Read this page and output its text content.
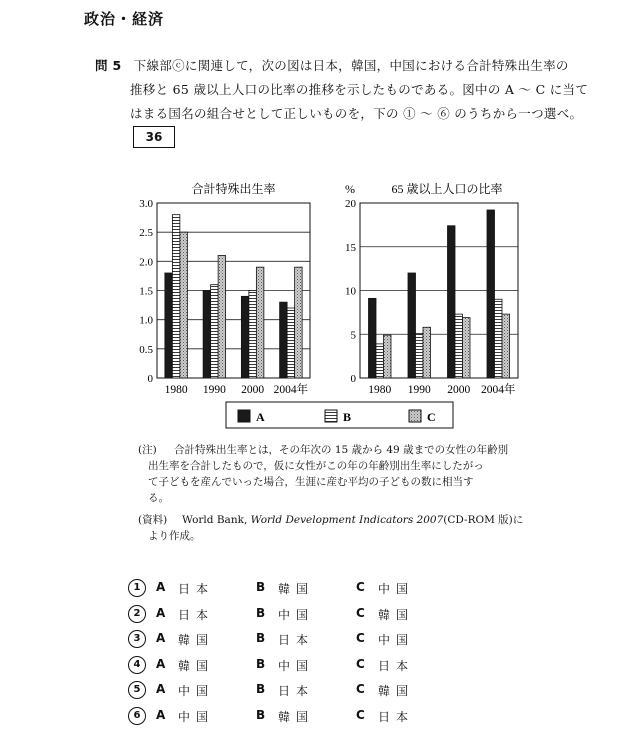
政治・経済
問 5 下線部ⓒに関連して，次の図は日本，韓国，中国における合計特殊出生率の
推移と 65 歳以上人口の比率の推移を示したものである。図中の A ～ C に当て
はまる国名の組合せとして正しいものを，下の ① ～ ⑥ のうちから一つ選べ。
36
0
0.5
1.0
1.5
2.0
2.5
3.0
合計特殊出生率
1980 1990 2000 2004年
0
5
10
15
20
65 歳以上人口の比率
%
1980 1990 2000 2004年
A	B	C
(注) 合計特殊出生率とは，その年次の 15 歳から 49 歳までの女性の年齢別
出生率を合計したもので，仮に女性がこの年の年齢別出生率にしたがっ
て子どもを産んでいった場合，生涯に産む平均の子どもの数に相当す
る。
(資料) World Bank, World Development Indicators 2007(CD-ROM 版)に
より作成。
1	A 日本	B 韓国	C 中国
2	A 日本	B 中国	C 韓国
3	A 韓国	B 日本	C 中国
4	A 韓国	B 中国	C 日本
5	A 中国	B 日本	C 韓国
6	A 中国	B 韓国	C 日本
